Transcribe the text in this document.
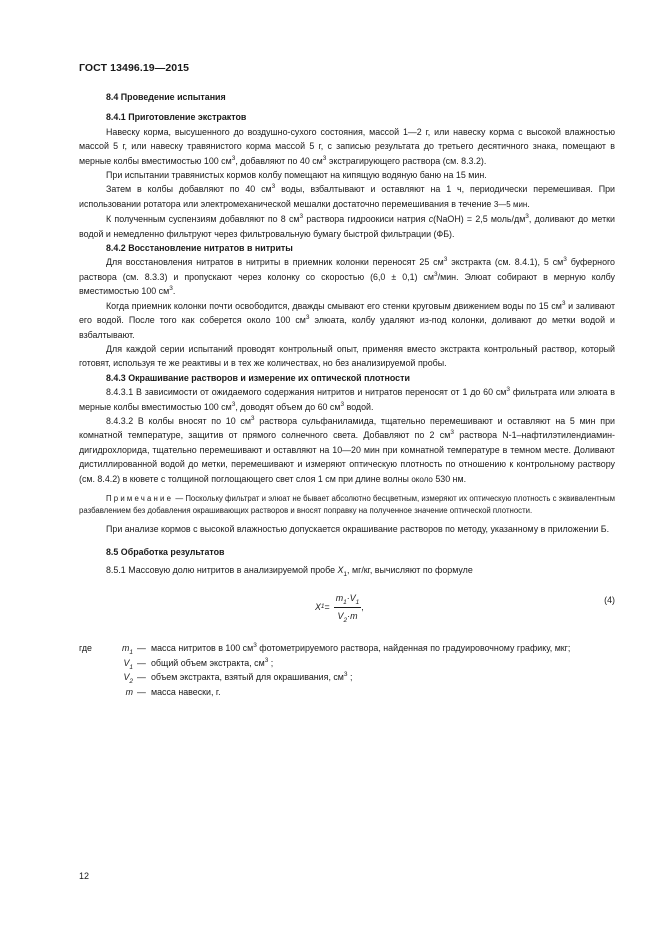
ГОСТ 13496.19—2015

8.4 Проведение испытания

8.4.1 Приготовление экстрактов

Навеску корма, высушенного до воздушно-сухого состояния, массой 1—2 г, или навеску корма с высокой влажностью массой 5 г, или навеску травянистого корма массой 5 г, с записью результата до третьего десятичного знака, помещают в мерные колбы вместимостью 100 $см^3$, добавляют по 40 $см^3$ экстрагирующего раствора (см. 8.3.2).

При испытании травянистых кормов колбу помещают на кипящую водяную баню на 15 мин.

Затем в колбы добавляют по 40 $см^3$ воды, взбалтывают и оставляют на 1 ч, периодически перемешивая. При использовании ротатора или электромеханической мешалки достаточно перемешивания в течение 3—5 мин.

К полученным суспензиям добавляют по 8 $см^3$ раствора гидроокиси натрия c(NaOH) = 2,5 моль/$дм^3$, доливают до метки водой и немедленно фильтруют через фильтровальную бумагу быстрой фильтрации (ФБ).

8.4.2 Восстановление нитратов в нитриты

Для восстановления нитратов в нитриты в приемник колонки переносят 25 $см^3$ экстракта (см. 8.4.1), 5 $см^3$ буферного раствора (см. 8.3.3) и пропускают через колонку со скоростью (6,0 ± 0,1) $см^3$/мин. Элюат собирают в мерную колбу вместимостью 100 $см^3$.

Когда приемник колонки почти освободится, дважды смывают его стенки круговым движением воды по 15 $см^3$ и заливают его водой. После того как соберется около 100 $см^3$ элюата, колбу удаляют из-под колонки, доливают до метки водой и взбалтывают.

Для каждой серии испытаний проводят контрольный опыт, применяя вместо экстракта контрольный раствор, который готовят, используя те же реактивы и в тех же количествах, но без анализируемой пробы.

8.4.3 Окрашивание растворов и измерение их оптической плотности

8.4.3.1 В зависимости от ожидаемого содержания нитритов и нитратов переносят от 1 до 60 $см^3$ фильтрата или элюата в мерные колбы вместимостью 100 $см^3$, доводят объем до 60 $см^3$ водой.

8.4.3.2 В колбы вносят по 10 $см^3$ раствора сульфаниламида, тщательно перемешивают и оставляют на 5 мин при комнатной температуре, защитив от прямого солнечного света. Добавляют по 2 $см^3$ раствора N-1–нафтилэтилендиамин-дигидрохлорида, тщательно перемешивают и оставляют на 10—20 мин при комнатной температуре в темном месте. Доливают дистиллированной водой до метки, перемешивают и измеряют оптическую плотность по отношению к контрольному раствору (см. 8.4.2) в кювете с толщиной поглощающего свет слоя 1 см при длине волны около 530 нм.

Примечание — Поскольку фильтрат и элюат не бывает абсолютно бесцветным, измеряют их оптическую плотность с эквивалентным разбавлением без добавления окрашивающих растворов и вносят поправку на полученное значение оптической плотности.

При анализе кормов с высокой влажностью допускается окрашивание растворов по методу, указанному в приложении Б.

8.5 Обработка результатов

8.5.1 Массовую долю нитритов в анализируемой пробе $X_1$, мг/кг, вычисляют по формуле

X $1 = \frac{m_1\cdot V_1}{V_2\cdot m}$ ,
(4)
где	$m_1$ — масса нитритов в 100 $см^3$ фотометрируемого раствора, найденная по градуировочному графику, мкг;
$V_1$ — общий объем экстракта, $см^3$ ;
$V_2$ — объем экстракта, взятый для окрашивания, $см^3$ ;
m — масса навески, г.
12
